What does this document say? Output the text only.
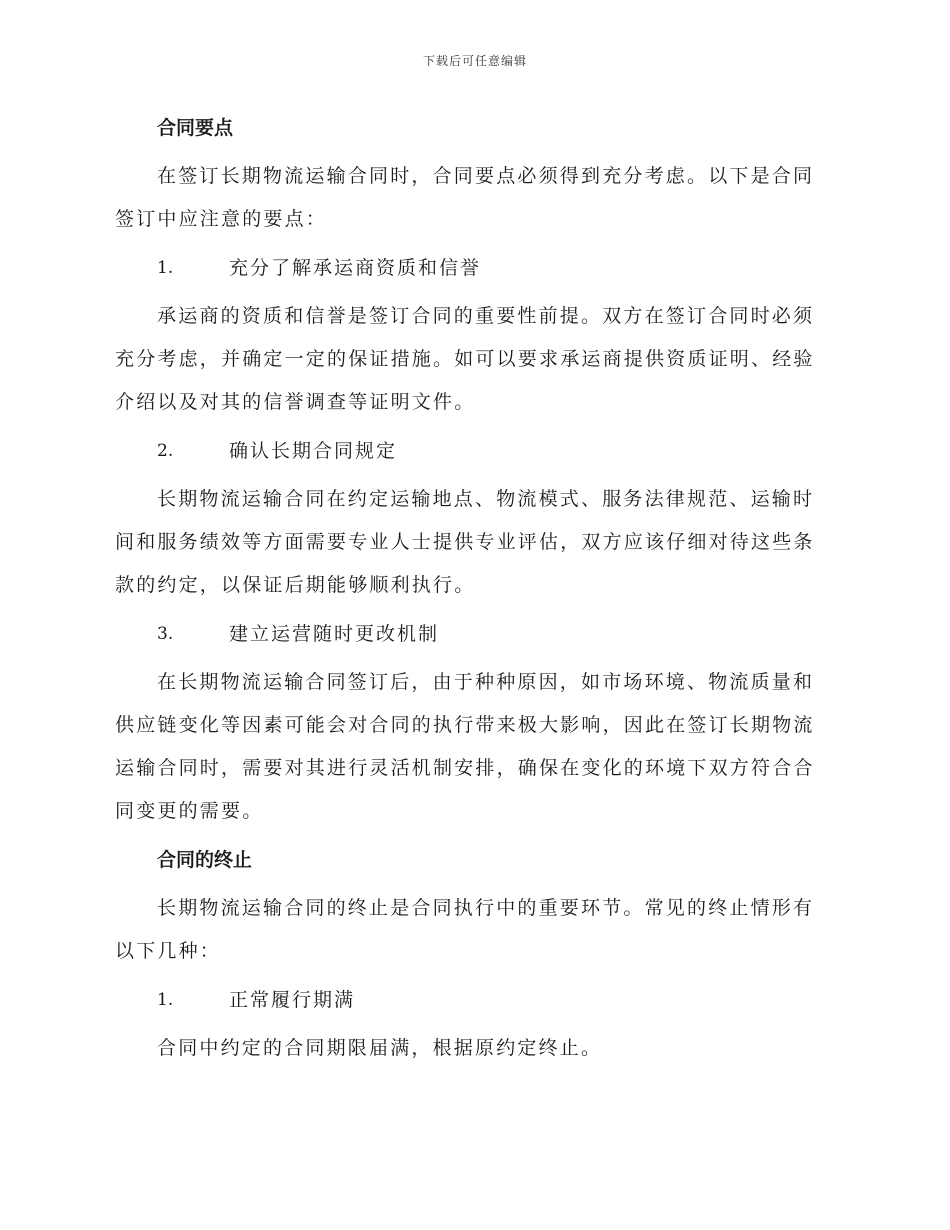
下载后可任意编辑
合同要点

在签订长期物流运输合同时，合同要点必须得到充分考虑。以下是合同签订中应注意的要点：

1.	充分了解承运商资质和信誉

承运商的资质和信誉是签订合同的重要性前提。双方在签订合同时必须充分考虑，并确定一定的保证措施。如可以要求承运商提供资质证明、经验介绍以及对其的信誉调查等证明文件。

2.	确认长期合同规定

长期物流运输合同在约定运输地点、物流模式、服务法律规范、运输时间和服务绩效等方面需要专业人士提供专业评估，双方应该仔细对待这些条款的约定，以保证后期能够顺利执行。

3.	建立运营随时更改机制

在长期物流运输合同签订后，由于种种原因，如市场环境、物流质量和供应链变化等因素可能会对合同的执行带来极大影响，因此在签订长期物流运输合同时，需要对其进行灵活机制安排，确保在变化的环境下双方符合合同变更的需要。

合同的终止

长期物流运输合同的终止是合同执行中的重要环节。常见的终止情形有以下几种：

1.	正常履行期满

合同中约定的合同期限届满，根据原约定终止。
